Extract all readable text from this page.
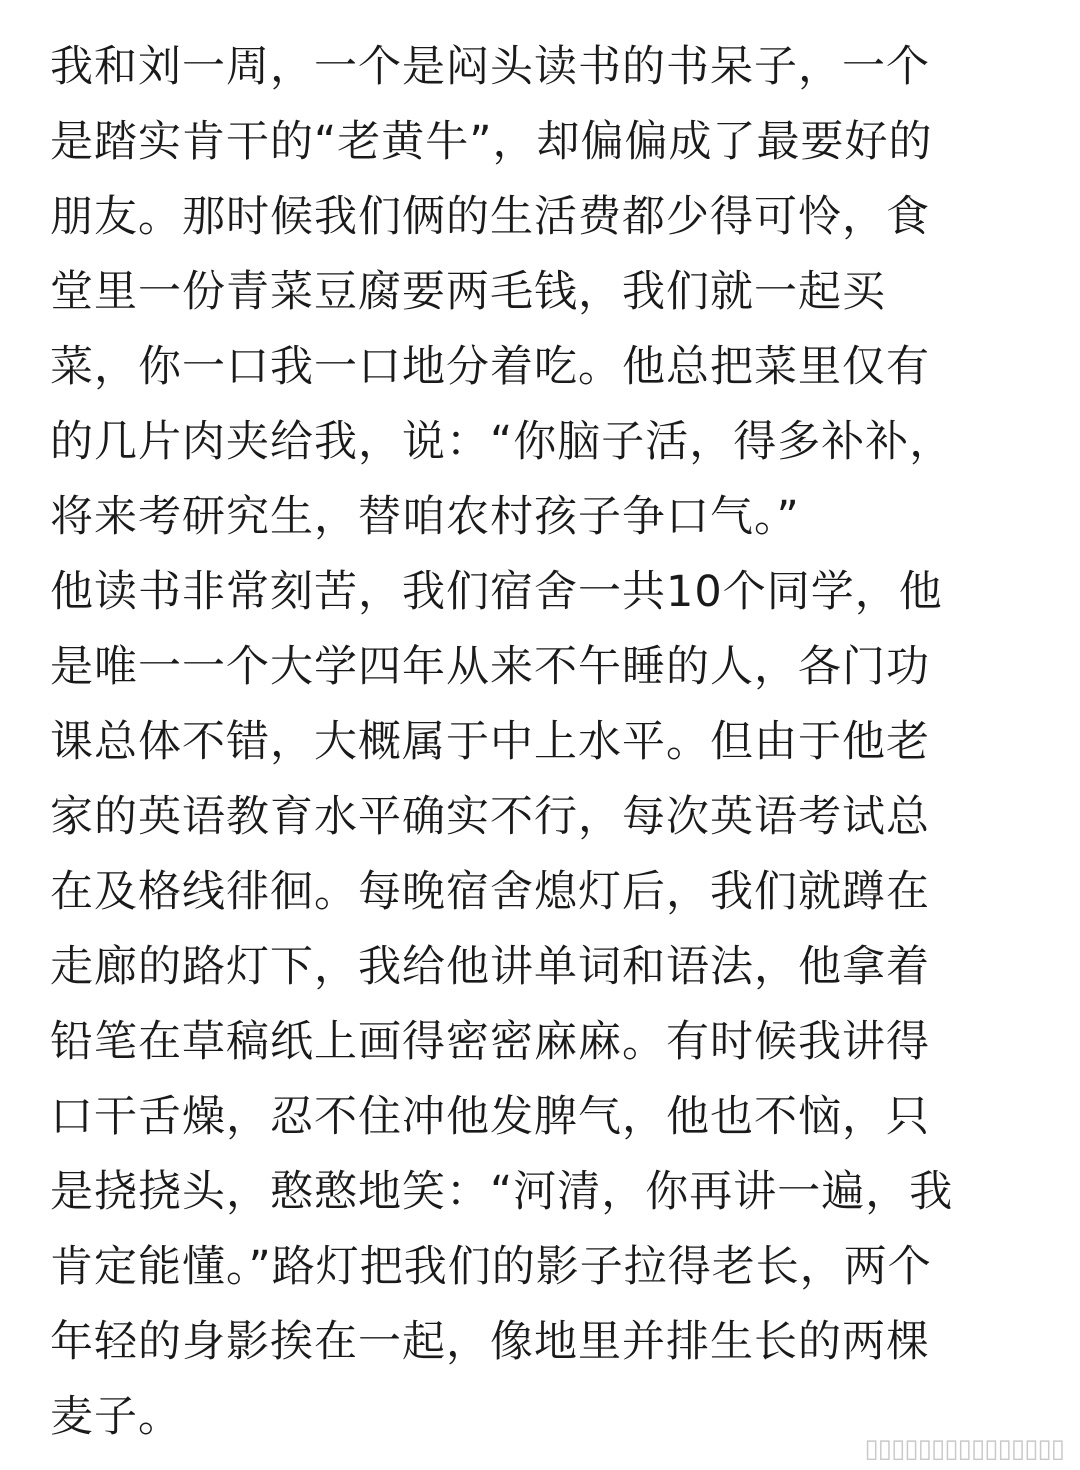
我和刘一周，一个是闷头读书的书呆子，一个
是踏实肯干的“老黄牛”，却偏偏成了最要好的
朋友。那时候我们俩的生活费都少得可怜，食
堂里一份青菜豆腐要两毛钱，我们就一起买
菜，你一口我一口地分着吃。他总把菜里仅有
的几片肉夹给我，说：“你脑子活，得多补补，
将来考研究生，替咱农村孩子争口气。”
他读书非常刻苦，我们宿舍一共10个同学，他
是唯一一个大学四年从来不午睡的人，各门功
课总体不错，大概属于中上水平。但由于他老
家的英语教育水平确实不行，每次英语考试总
在及格线徘徊。每晚宿舍熄灯后，我们就蹲在
走廊的路灯下，我给他讲单词和语法，他拿着
铅笔在草稿纸上画得密密麻麻。有时候我讲得
口干舌燥，忍不住冲他发脾气，他也不恼，只
是挠挠头，憨憨地笑：“河清，你再讲一遍，我
肯定能懂。”路灯把我们的影子拉得老长，两个
年轻的身影挨在一起，像地里并排生长的两棵
麦子。
▯▯▯▯▯▯▯▯▯▯▯▯▯▯▯
